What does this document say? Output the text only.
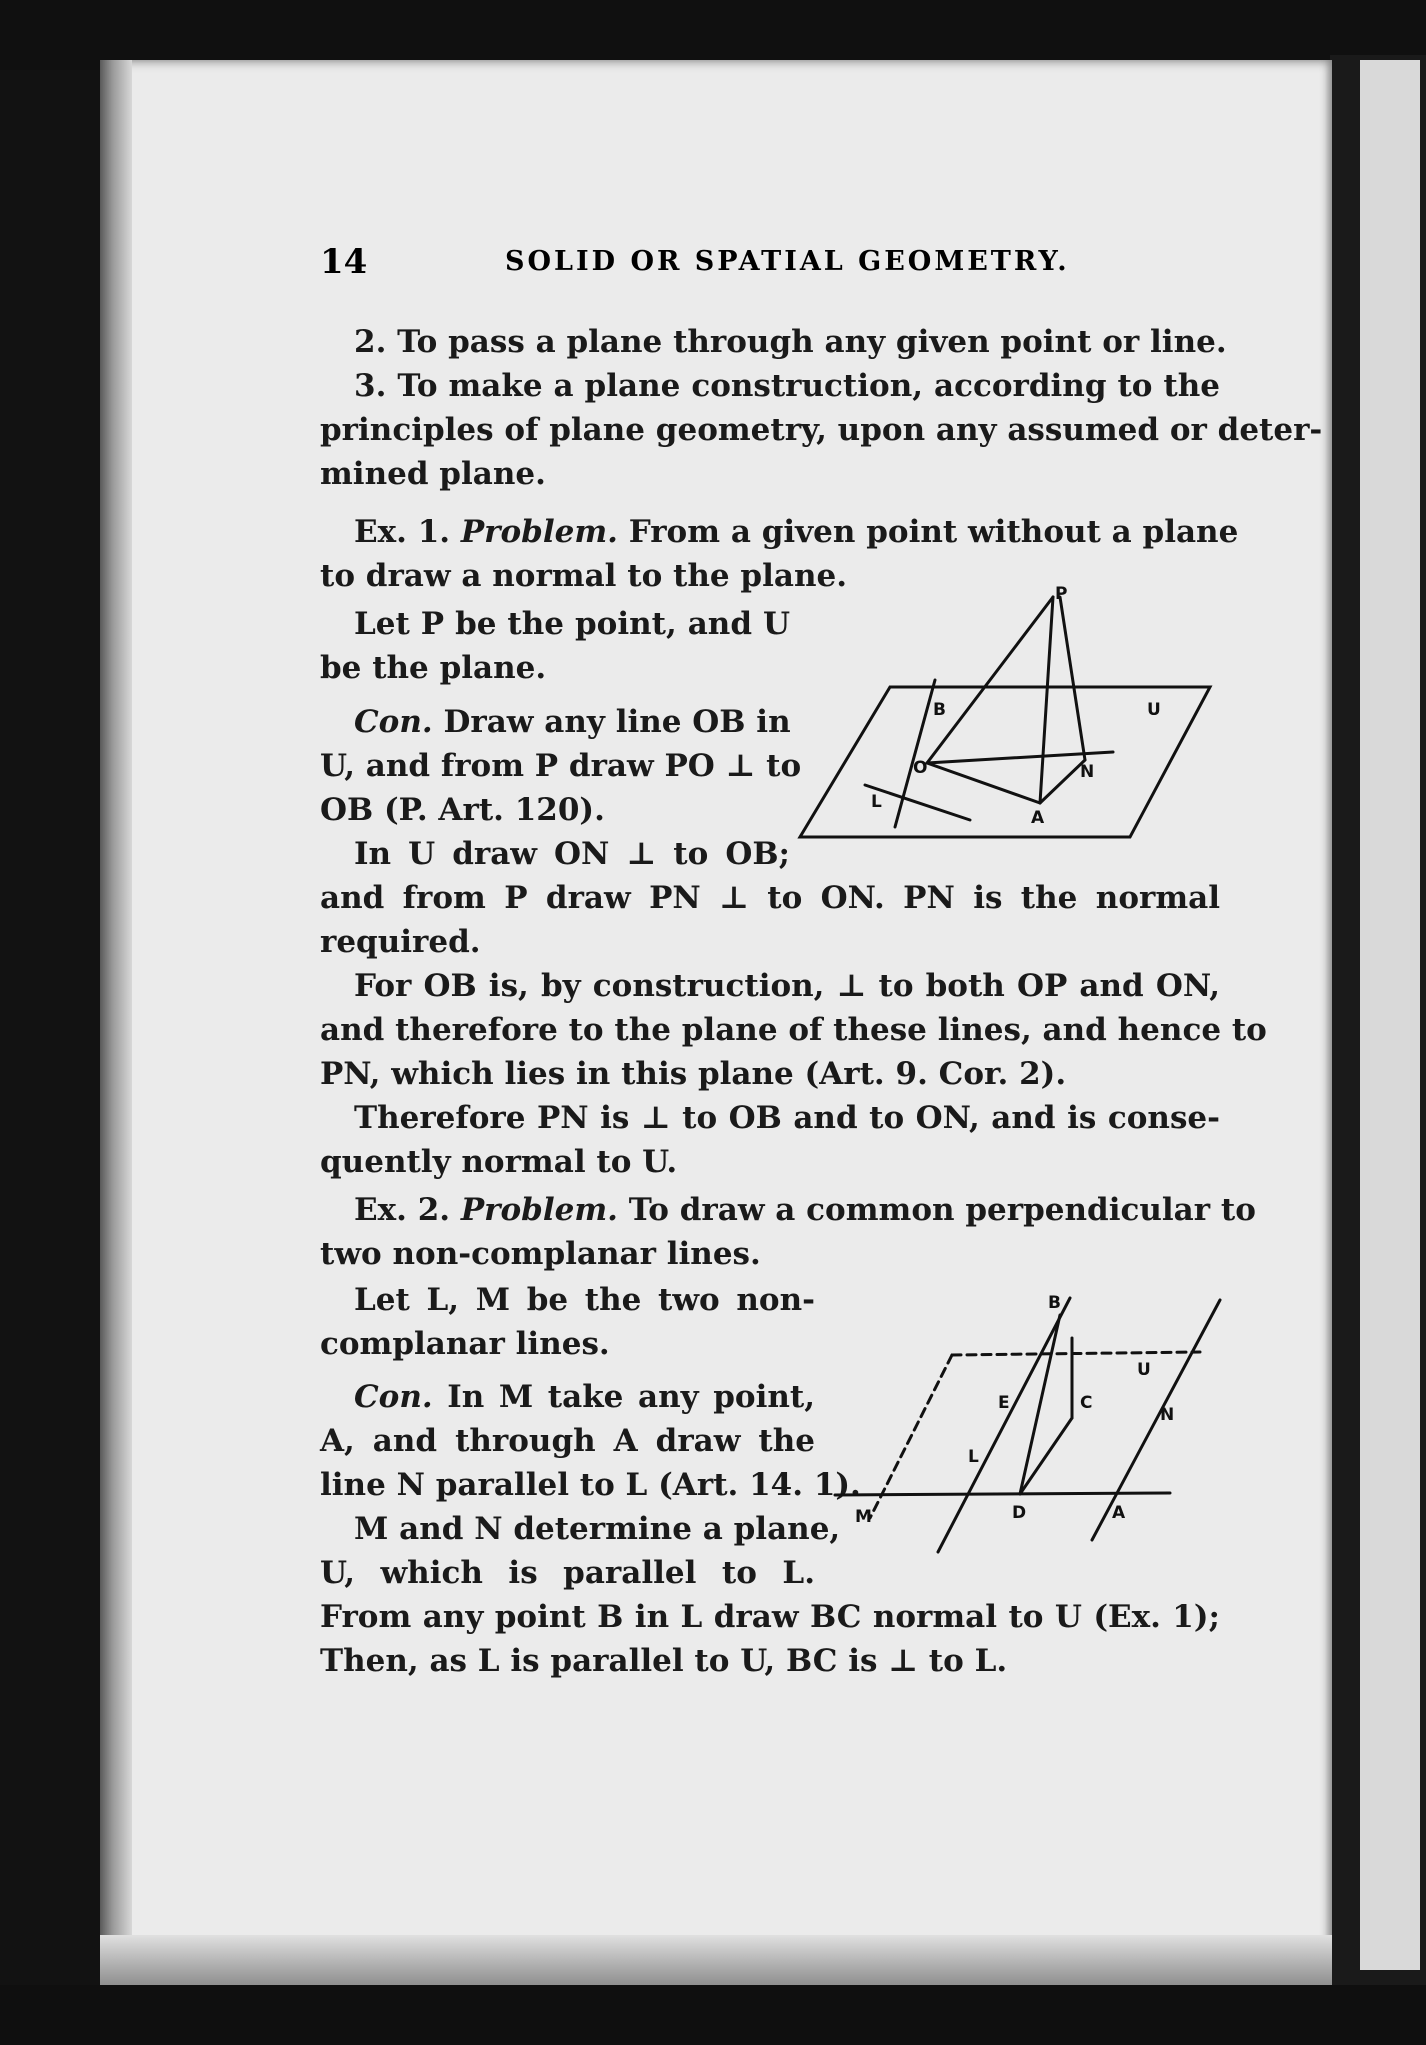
14	SOLID OR SPATIAL GEOMETRY.
2. To pass a plane through any given point or line.
3. To make a plane construction, according to the
principles of plane geometry, upon any assumed or deter-
mined plane.
Ex. 1. Problem. From a given point without a plane
to draw a normal to the plane.
Let P be the point, and U
be the plane.
Con. Draw any line OB in
U, and from P draw PO ⊥ to
OB (P. Art. 120).
In U draw ON ⊥ to OB;
and from P draw PN ⊥ to ON. PN is the normal
required.
For OB is, by construction, ⊥ to both OP and ON,
and therefore to the plane of these lines, and hence to
PN, which lies in this plane (Art. 9. Cor. 2).
Therefore PN is ⊥ to OB and to ON, and is conse-
quently normal to U.
P
B	U
O	N
L
A
Ex. 2. Problem. To draw a common perpendicular to
two non-complanar lines.
Let L, M be the two non-
complanar lines.
Con. In M take any point,
A, and through A draw the
line N parallel to L (Art. 14. 1).
M and N determine a plane,
U, which is parallel to L.
From any point B in L draw BC normal to U (Ex. 1);
Then, as L is parallel to U, BC is ⊥ to L.
B
U
E	C
N
L
M	D	A
